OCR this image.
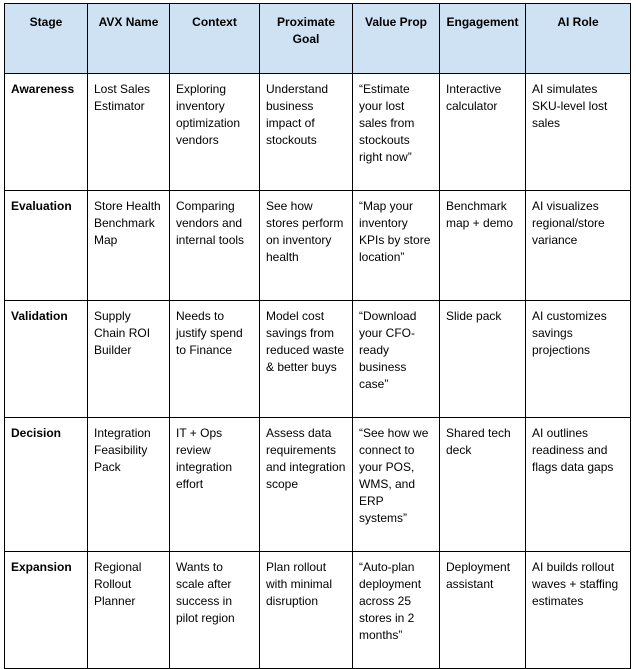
Stage	AVX Name	Context	Proximate Goal	Value Prop	Engagement	AI Role
Awareness	Lost Sales Estimator	Exploring inventory optimization vendors	Understand business impact of stockouts	“Estimate your lost sales from stockouts right now”	Interactive calculator	AI simulates SKU-level lost sales
Evaluation	Store Health Benchmark Map	Comparing vendors and internal tools	See how stores perform on inventory health	“Map your inventory KPIs by store location”	Benchmark map + demo	AI visualizes regional/store variance
Validation	Supply Chain ROI Builder	Needs to justify spend to Finance	Model cost savings from reduced waste & better buys	“Download your CFO-ready business case”	Slide pack	AI customizes savings projections
Decision	Integration Feasibility Pack	IT + Ops review integration effort	Assess data requirements and integration scope	“See how we connect to your POS, WMS, and ERP systems”	Shared tech deck	AI outlines readiness and flags data gaps
Expansion	Regional Rollout Planner	Wants to scale after success in pilot region	Plan rollout with minimal disruption	“Auto-plan deployment across 25 stores in 2 months”	Deployment assistant	AI builds rollout waves + staffing estimates
